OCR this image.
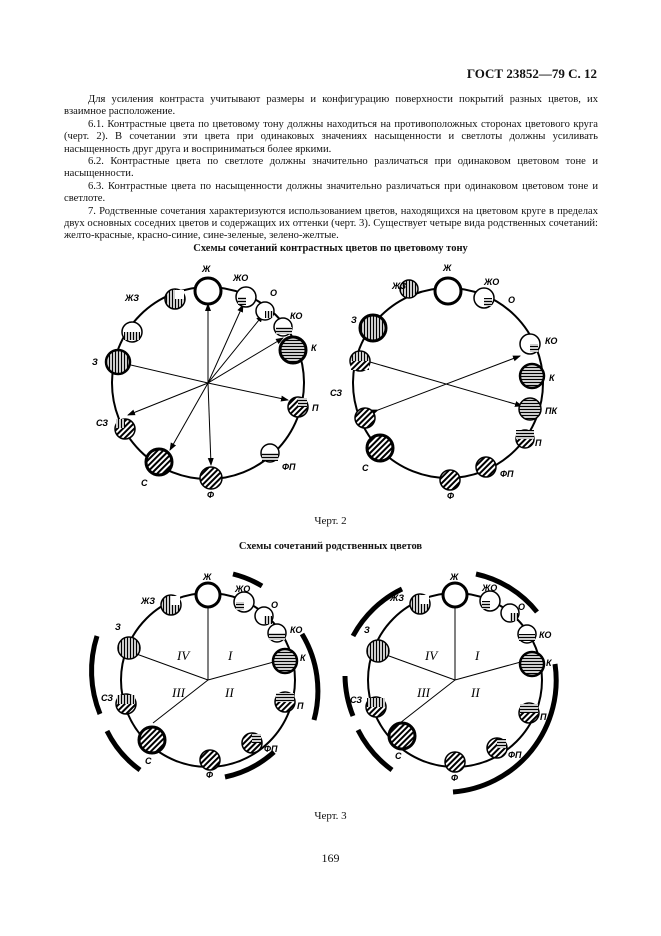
ГОСТ 23852—79 С. 12

Для усиления контраста учитывают размеры и конфигурацию поверхности покрытий разных цветов, их взаимное расположение.

6.1. Контрастные цвета по цветовому тону должны находиться на противоположных сторонах цветового круга (черт. 2). В сочетании эти цвета при одинаковых значениях насыщенности и светлоты должны усиливать насыщенность друг друга и восприниматься более яркими.

6.2. Контрастные цвета по светлоте должны значительно различаться при одинаковом цветовом тоне и насыщенности.

6.3. Контрастные цвета по насыщенности должны значительно различаться при одинаковом цветовом тоне и светлоте.

7. Родственные сочетания характеризуются использованием цветов, находящихся на цветовом круге в пределах двух основных соседних цветов и содержащих их оттенки (черт. 3). Существует четыре вида родственных сочетаний: желто-красные, красно-синие, сине-зеленые, зелено-желтые.

Схемы сочетаний контрастных цветов по цветовому тону
Ж
ЖО
О
КО
К
П
ФП
Ф
С
СЗ
З
ЖЗ
Ж
ЖО
О
КО
К
ПК
П
ФП
Ф
С
СЗ
З
ЖЗ
Ж
ЖО
О
КО
К
П
ФП
Ф
С
СЗ
З
ЖЗ
I
II
III
IV
Ж
ЖО
О
КО
К
П
ФП
Ф
С
СЗ
З
ЖЗ
I
II
III
IV
Черт. 2
Схемы сочетаний родственных цветов
Черт. 3
169
